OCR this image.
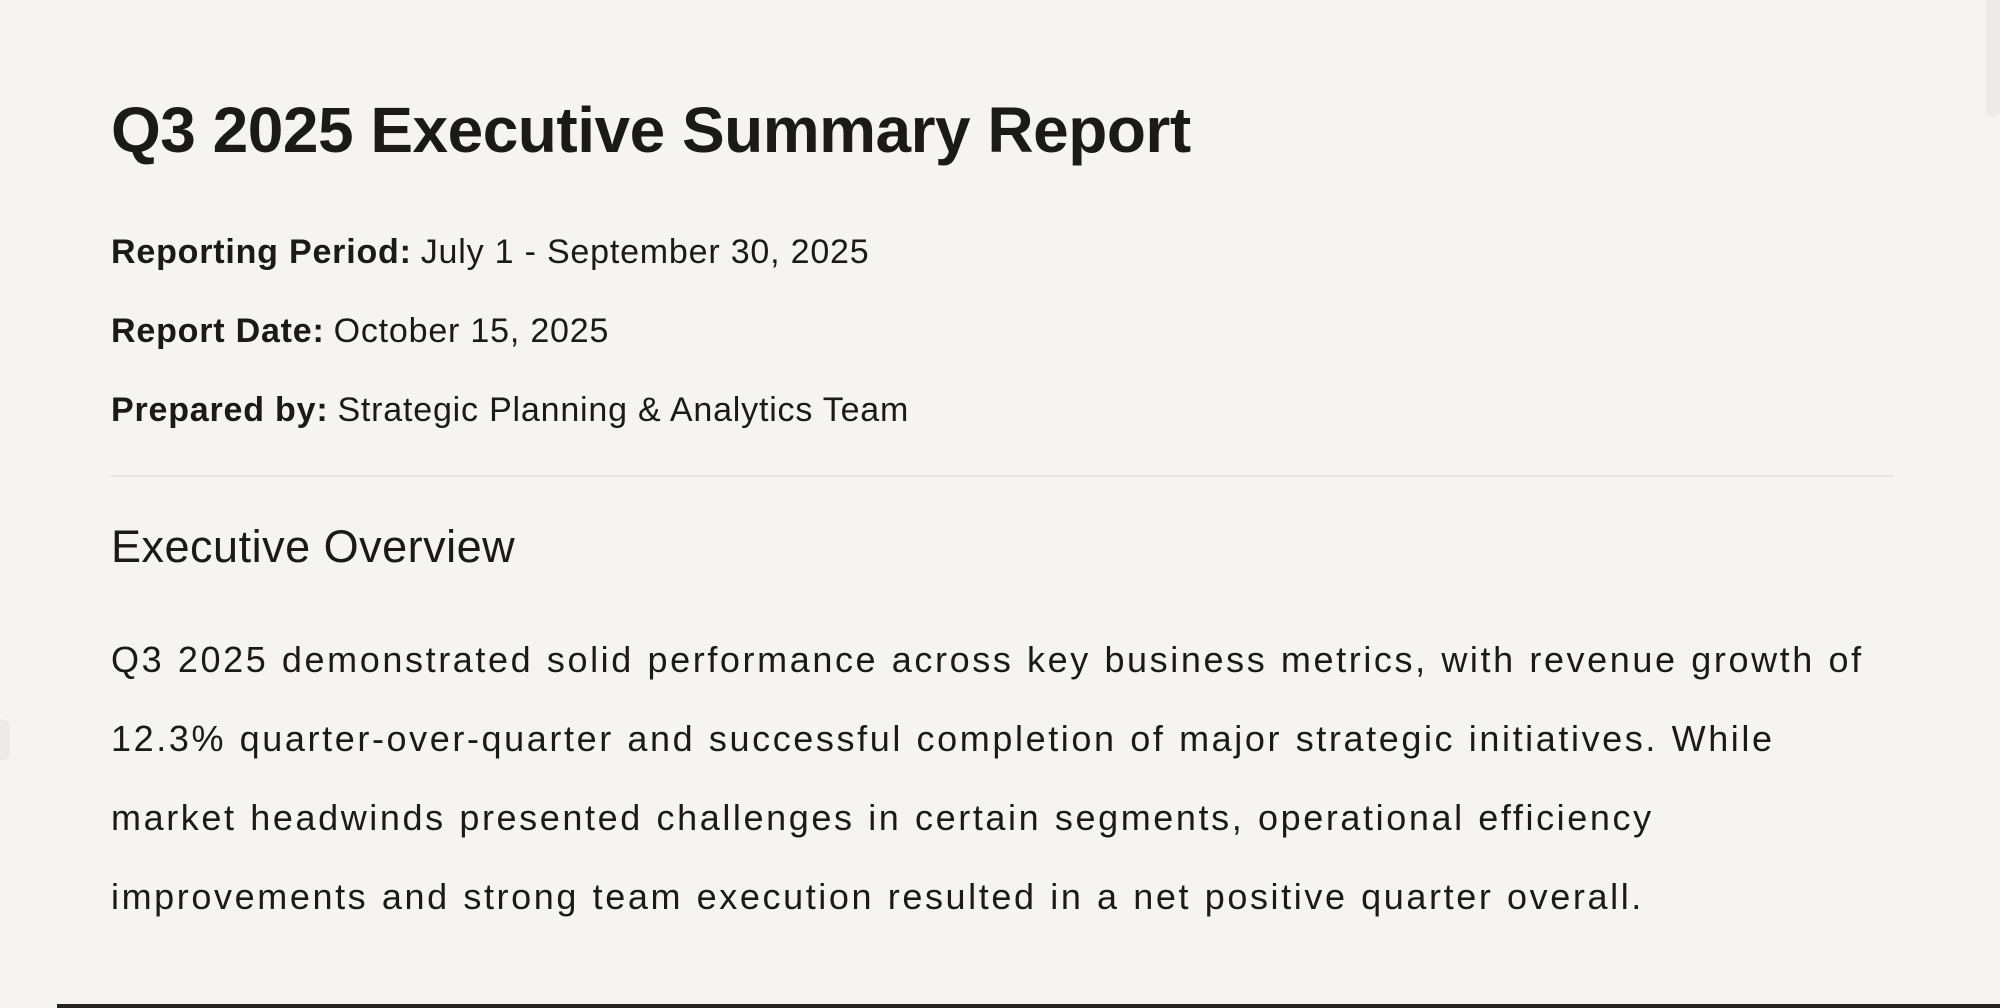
Q3 2025 Executive Summary Report

Reporting Period: July 1 - September 30, 2025

Report Date: October 15, 2025

Prepared by: Strategic Planning & Analytics Team

Executive Overview

Q3 2025 demonstrated solid performance across key business metrics, with revenue growth of 12.3% quarter-over-quarter and successful completion of major strategic initiatives. While market headwinds presented challenges in certain segments, operational efficiency improvements and strong team execution resulted in a net positive quarter overall.
